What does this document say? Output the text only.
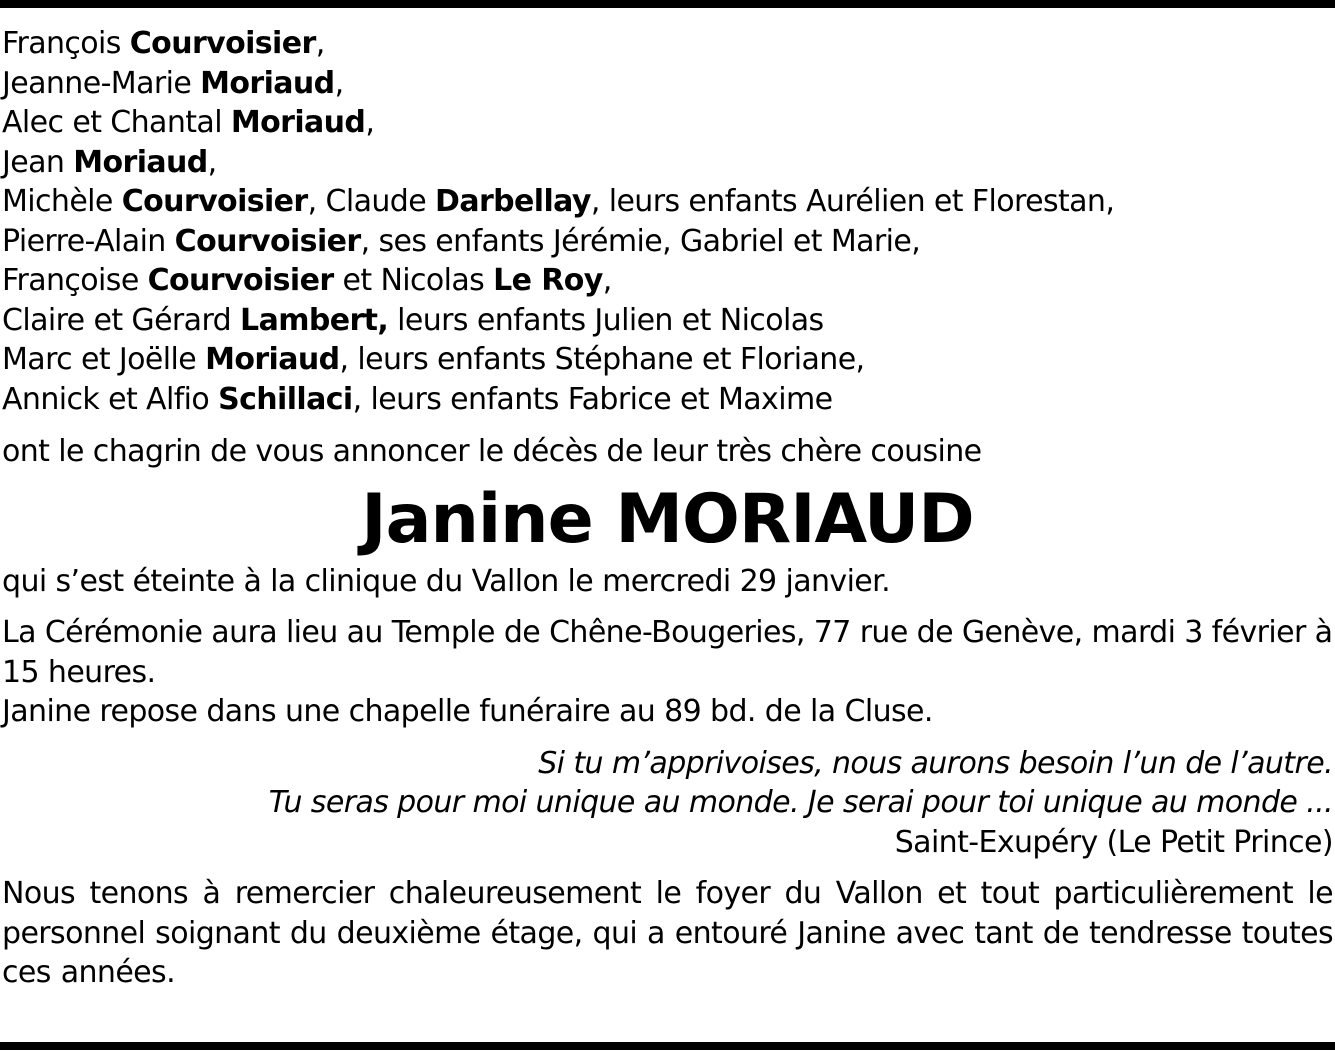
François Courvoisier,
Jeanne-Marie Moriaud,
Alec et Chantal Moriaud,
Jean Moriaud,
Michèle Courvoisier, Claude Darbellay, leurs enfants Aurélien et Florestan,
Pierre-Alain Courvoisier, ses enfants Jérémie, Gabriel et Marie,
Françoise Courvoisier et Nicolas Le Roy,
Claire et Gérard Lambert, leurs enfants Julien et Nicolas
Marc et Joëlle Moriaud, leurs enfants Stéphane et Floriane,
Annick et Alfio Schillaci, leurs enfants Fabrice et Maxime
ont le chagrin de vous annoncer le décès de leur très chère cousine
Janine MORIAUD
qui s’est éteinte à la clinique du Vallon le mercredi 29 janvier.
La Cérémonie aura lieu au Temple de Chêne-Bougeries, 77 rue de Genève, mardi 3 février à 15 heures.
Janine repose dans une chapelle funéraire au 89 bd. de la Cluse.
Si tu m’apprivoises, nous aurons besoin l’un de l’autre.
Tu seras pour moi unique au monde. Je serai pour toi unique au monde ...
Saint-Exupéry (Le Petit Prince)
Nous tenons à remercier chaleureusement le foyer du Vallon et tout particulièrement le personnel soignant du deuxième étage, qui a entouré Janine avec tant de tendresse toutes ces années.
